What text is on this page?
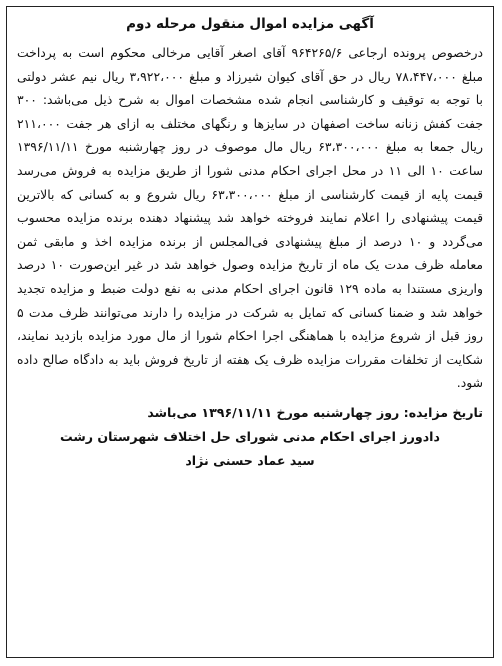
آگهی مزایده اموال منقول مرحله دوم

درخصوص پرونده ارجاعی ۹۶۴۲۶۵/۶ آقای اصغر آقایی مرخالی محکوم است به پرداخت مبلغ ۷۸،۴۴۷،۰۰۰ ریال در حق آقای کیوان شیرزاد و مبلغ ۳،۹۲۲،۰۰۰ ریال نیم عشر دولتی با توجه به توقیف و کارشناسی انجام شده مشخصات اموال به شرح ذیل می‌باشد: ۳۰۰ جفت کفش زنانه ساخت اصفهان در سایزها و رنگهای مختلف به ازای هر جفت ۲۱۱،۰۰۰ ریال جمعا به مبلغ ۶۳،۳۰۰،۰۰۰ ریال مال موصوف در روز چهارشنبه مورخ ۱۳۹۶/۱۱/۱۱ ساعت ۱۰ الی ۱۱ در محل اجرای احکام مدنی شورا از طریق مزایده به فروش می‌رسد قیمت پایه از قیمت کارشناسی از مبلغ ۶۳،۳۰۰،۰۰۰ ریال شروع و به کسانی که بالاترین قیمت پیشنهادی را اعلام نمایند فروخته خواهد شد پیشنهاد دهنده برنده مزایده محسوب می‌گردد و ۱۰ درصد از مبلغ پیشنهادی فی‌المجلس از برنده مزایده اخذ و مابقی ثمن معامله ظرف مدت یک ماه از تاریخ مزایده وصول خواهد شد در غیر این‌صورت ۱۰ درصد واریزی مستندا به ماده ۱۲۹ قانون اجرای احکام مدنی به نفع دولت ضبط و مزایده تجدید خواهد شد و ضمنا کسانی که تمایل به شرکت در مزایده را دارند می‌توانند ظرف مدت ۵ روز قبل از شروع مزایده با هماهنگی اجرا احکام شورا از مال مورد مزایده بازدید نمایند، شکایت از تخلفات مقررات مزایده ظرف یک هفته از تاریخ فروش باید به دادگاه صالح داده شود.

تاریخ مزایده: روز چهارشنبه مورخ ۱۳۹۶/۱۱/۱۱ می‌باشد
دادورز اجرای احکام مدنی شورای حل اختلاف شهرستان رشت
سید عماد حسنی نژاد
